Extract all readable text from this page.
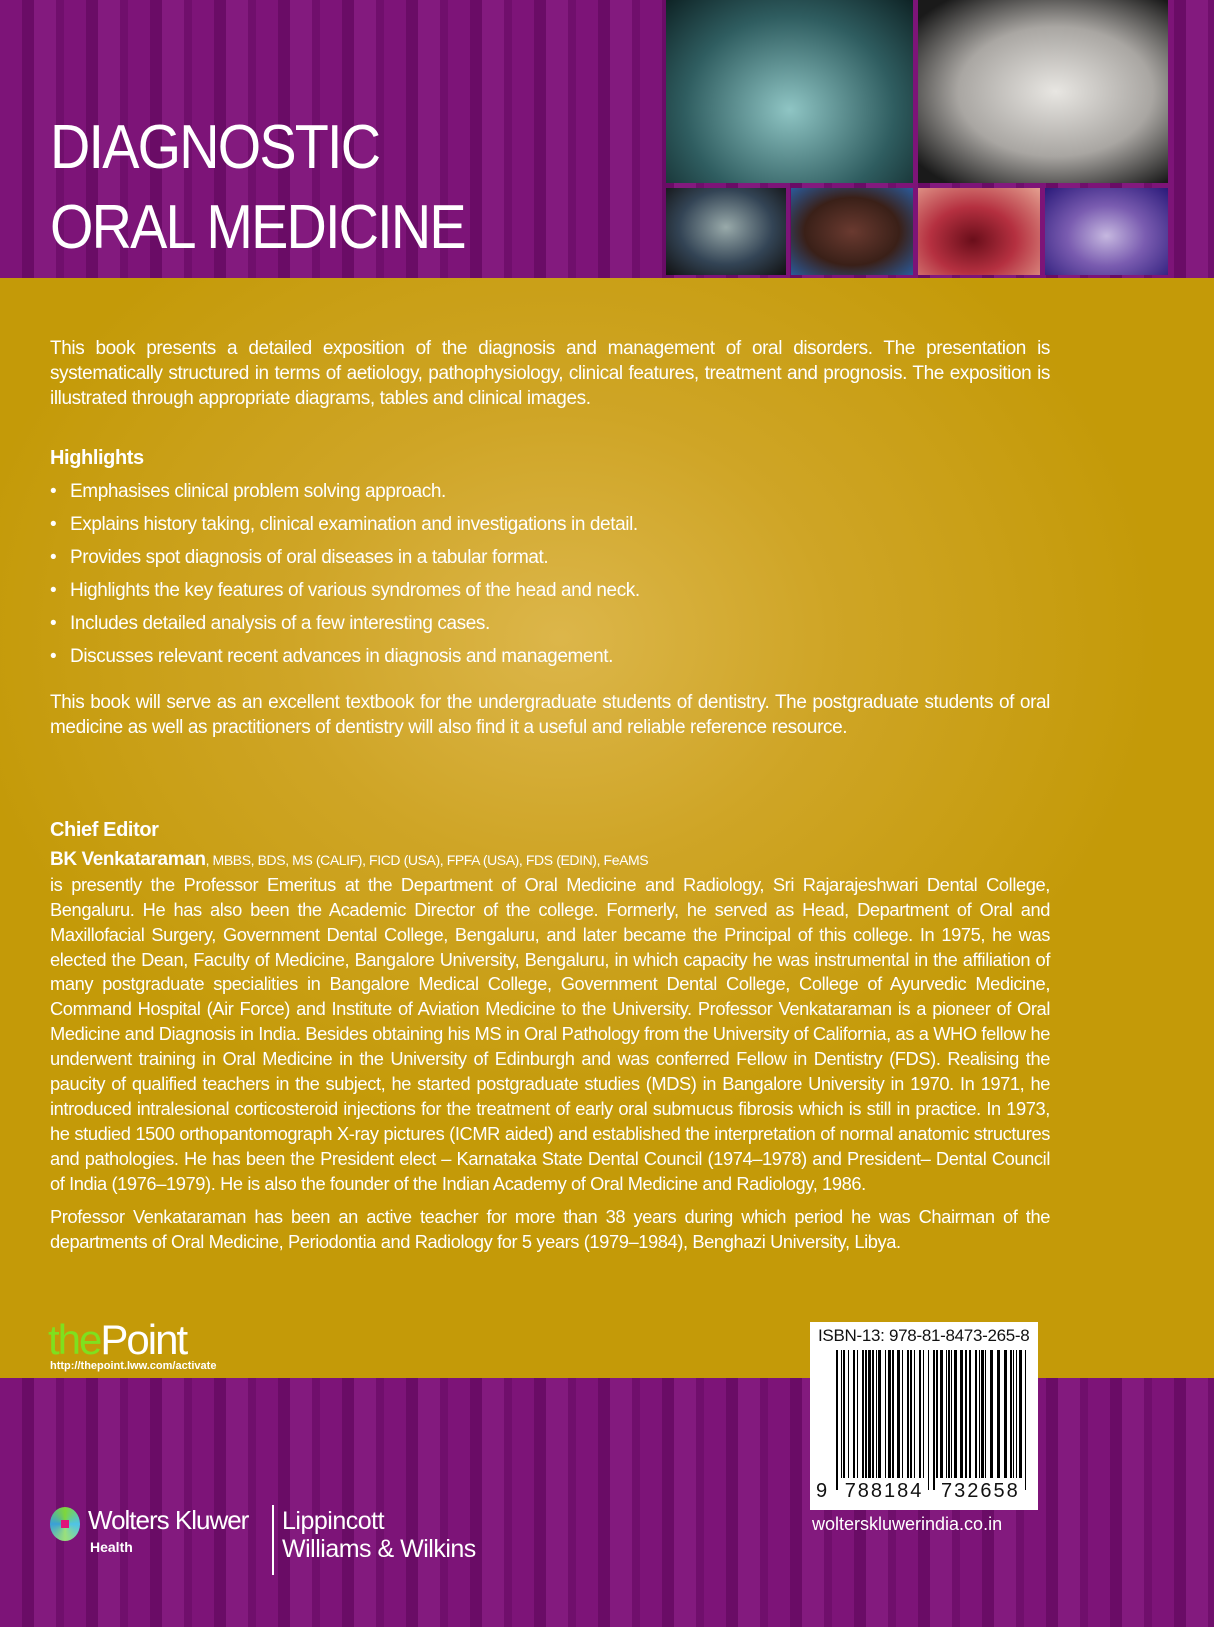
DIAGNOSTIC
ORAL MEDICINE
This book presents a detailed exposition of the diagnosis and management of oral disorders. The presentation is systematically structured in terms of aetiology, pathophysiology, clinical features, treatment and prognosis. The exposition is illustrated through appropriate diagrams, tables and clinical images.
Highlights
• Emphasises clinical problem solving approach.
• Explains history taking, clinical examination and investigations in detail.
• Provides spot diagnosis of oral diseases in a tabular format.
• Highlights the key features of various syndromes of the head and neck.
• Includes detailed analysis of a few interesting cases.
• Discusses relevant recent advances in diagnosis and management.
This book will serve as an excellent textbook for the undergraduate students of dentistry. The postgraduate students of oral medicine as well as practitioners of dentistry will also find it a useful and reliable reference resource.
Chief Editor
BK Venkataraman, MBBS, BDS, MS (CALIF), FICD (USA), FPFA (USA), FDS (EDIN), FeAMS
is presently the Professor Emeritus at the Department of Oral Medicine and Radiology, Sri Rajarajeshwari Dental College, Bengaluru. He has also been the Academic Director of the college. Formerly, he served as Head, Department of Oral and Maxillofacial Surgery, Government Dental College, Bengaluru, and later became the Principal of this college. In 1975, he was elected the Dean, Faculty of Medicine, Bangalore University, Bengaluru, in which capacity he was instrumental in the affiliation of many postgraduate specialities in Bangalore Medical College, Government Dental College, College of Ayurvedic Medicine, Command Hospital (Air Force) and Institute of Aviation Medicine to the University. Professor Venkataraman is a pioneer of Oral Medicine and Diagnosis in India. Besides obtaining his MS in Oral Pathology from the University of California, as a WHO fellow he underwent training in Oral Medicine in the University of Edinburgh and was conferred Fellow in Dentistry (FDS). Realising the paucity of qualified teachers in the subject, he started postgraduate studies (MDS) in Bangalore University in 1970. In 1971, he introduced intralesional corticosteroid injections for the treatment of early oral submucus fibrosis which is still in practice. In 1973, he studied 1500 orthopantomograph X-ray pictures (ICMR aided) and established the interpretation of normal anatomic structures and pathologies. He has been the President elect – Karnataka State Dental Council (1974–1978) and President– Dental Council of India (1976–1979). He is also the founder of the Indian Academy of Oral Medicine and Radiology, 1986.
Professor Venkataraman has been an active teacher for more than 38 years during which period he was Chairman of the departments of Oral Medicine, Periodontia and Radiology for 5 years (1979–1984), Benghazi University, Libya.
thePoint
http://thepoint.lww.com/activate
Wolters Kluwer
Health
Lippincott
Williams & Wilkins
ISBN-13: 978-81-8473-265-8
9 788184 732658
wolterskluwerindia.co.in
